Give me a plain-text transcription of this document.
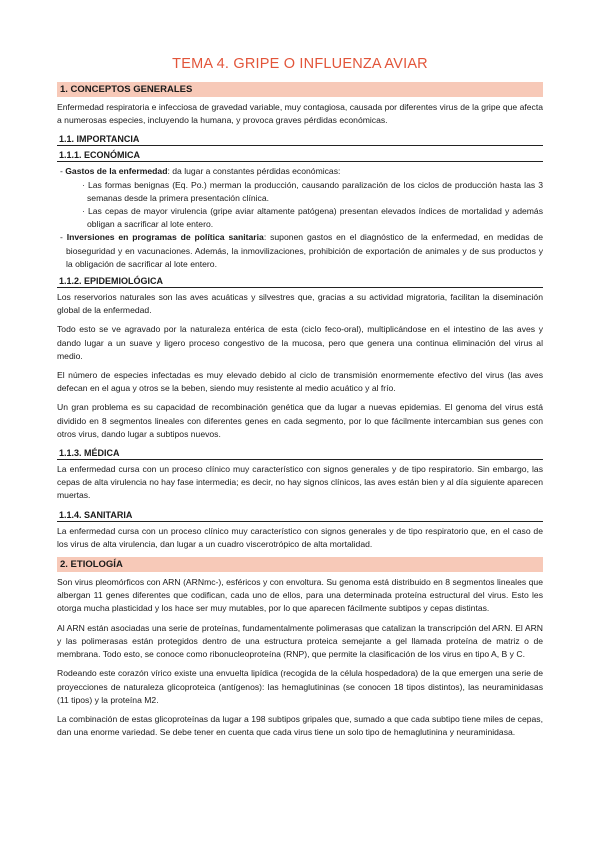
TEMA 4. GRIPE O INFLUENZA AVIAR
1. CONCEPTOS GENERALES

Enfermedad respiratoria e infecciosa de gravedad variable, muy contagiosa, causada por diferentes virus de la gripe que afecta a numerosas especies, incluyendo la humana, y provoca graves pérdidas económicas.

1.1. IMPORTANCIA
1.1.1. ECONÓMICA
- Gastos de la enfermedad: da lugar a constantes pérdidas económicas:
· Las formas benignas (Eq. Po.) merman la producción, causando paralización de los ciclos de producción hasta las 3 semanas desde la primera presentación clínica.
· Las cepas de mayor virulencia (gripe aviar altamente patógena) presentan elevados índices de mortalidad y además obligan a sacrificar al lote entero.
- Inversiones en programas de política sanitaria: suponen gastos en el diagnóstico de la enfermedad, en medidas de bioseguridad y en vacunaciones. Además, la inmovilizaciones, prohibición de exportación de animales y de sus productos y la obligación de sacrificar al lote entero.
1.1.2. EPIDEMIOLÓGICA

Los reservorios naturales son las aves acuáticas y silvestres que, gracias a su actividad migratoria, facilitan la diseminación global de la enfermedad.

Todo esto se ve agravado por la naturaleza entérica de esta (ciclo feco-oral), multiplicándose en el intestino de las aves y dando lugar a un suave y ligero proceso congestivo de la mucosa, pero que genera una continua eliminación del virus al medio.

El número de especies infectadas es muy elevado debido al ciclo de transmisión enormemente efectivo del virus (las aves defecan en el agua y otros se la beben, siendo muy resistente al medio acuático y al frío.

Un gran problema es su capacidad de recombinación genética que da lugar a nuevas epidemias. El genoma del virus está dividido en 8 segmentos lineales con diferentes genes en cada segmento, por lo que fácilmente intercambian sus genes con otros virus, dando lugar a subtipos nuevos.

1.1.3. MÉDICA

La enfermedad cursa con un proceso clínico muy característico con signos generales y de tipo respiratorio. Sin embargo, las cepas de alta virulencia no hay fase intermedia; es decir, no hay signos clínicos, las aves están bien y al día siguiente aparecen muertas.

1.1.4. SANITARIA

La enfermedad cursa con un proceso clínico muy característico con signos generales y de tipo respiratorio que, en el caso de los virus de alta virulencia, dan lugar a un cuadro viscerotrópico de alta mortalidad.

2. ETIOLOGÍA

Son virus pleomórficos con ARN (ARNmc-), esféricos y con envoltura. Su genoma está distribuido en 8 segmentos lineales que albergan 11 genes diferentes que codifican, cada uno de ellos, para una determinada proteína estructural del virus. Esto les otorga mucha plasticidad y los hace ser muy mutables, por lo que aparecen fácilmente subtipos y cepas distintas.

Al ARN están asociadas una serie de proteínas, fundamentalmente polimerasas que catalizan la transcripción del ARN. El ARN y las polimerasas están protegidos dentro de una estructura proteica semejante a gel llamada proteína de matriz o de membrana. Todo esto, se conoce como ribonucleoproteína (RNP), que permite la clasificación de los virus en tipo A, B y C.

Rodeando este corazón vírico existe una envuelta lipídica (recogida de la célula hospedadora) de la que emergen una serie de proyecciones de naturaleza glicoproteica (antígenos): las hemaglutininas (se conocen 18 tipos distintos), las neuraminidasas (11 tipos) y la proteína M2.

La combinación de estas glicoproteínas da lugar a 198 subtipos gripales que, sumado a que cada subtipo tiene miles de cepas, dan una enorme variedad. Se debe tener en cuenta que cada virus tiene un solo tipo de hemaglutinina y neuraminidasa.
